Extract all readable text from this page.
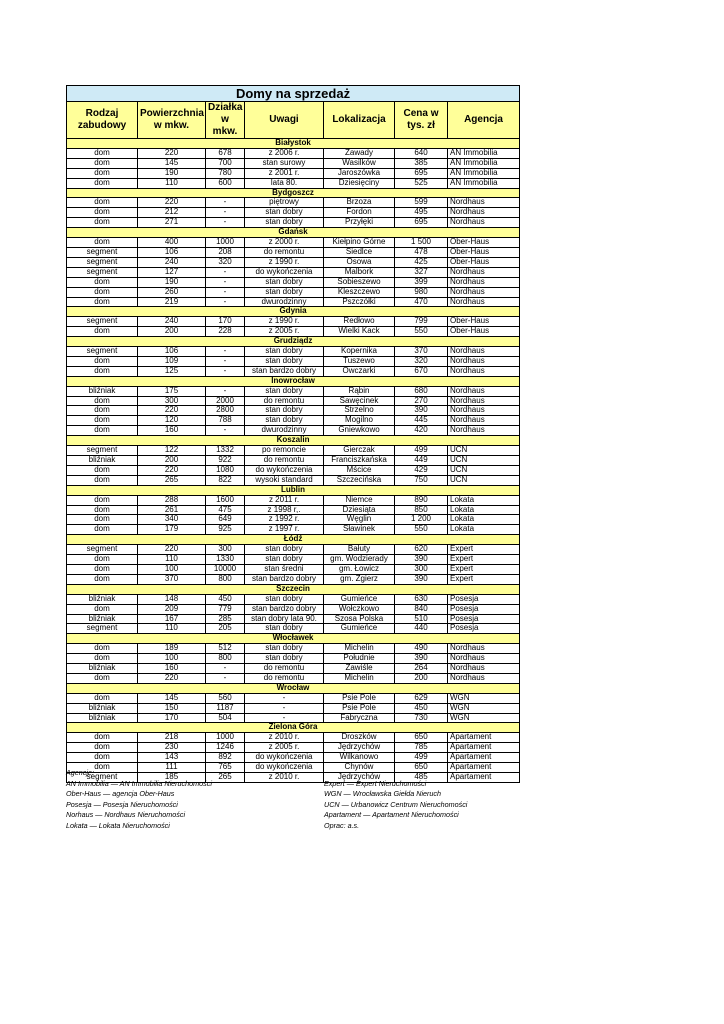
Domy na sprzedaż						
Rodzaj zabudowy	Powierzchnia w mkw.	Działka w mkw.	Uwagi	Lokalizacja	Cena w tys. zł	Agencja
Białystok						
dom	220	678	z 2006 r.	Zawady	640	AN Immobilia
dom	145	700	stan surowy	Wasilków	385	AN Immobilia
dom	190	780	z 2001 r.	Jaroszówka	695	AN Immobilia
dom	110	600	lata 80.	Dziesięciny	525	AN Immobilia
Bydgoszcz						
dom	220	-	piętrowy	Brzoza	599	Nordhaus
dom	212	-	stan dobry	Fordon	495	Nordhaus
dom	271	-	stan dobry	Przyłęki	695	Nordhaus
Gdańsk						
dom	400	1000	z 2000 r.	Kiełpino Górne	1 500	Ober-Haus
segment	106	208	do remontu	Siedlce	478	Ober-Haus
segment	240	320	z 1990 r.	Osowa	425	Ober-Haus
segment	127	-	do wykończenia	Malbork	327	Nordhaus
dom	190	-	stan dobry	Sobieszewo	399	Nordhaus
dom	260	-	stan dobry	Kleszczewo	980	Nordhaus
dom	219	-	dwurodzinny	Pszczółki	470	Nordhaus
Gdynia						
segment	240	170	z 1990 r.	Redłowo	799	Ober-Haus
dom	200	228	z 2005 r.	Wielki Kack	550	Ober-Haus
Grudziądz						
segment	106	-	stan dobry	Kopernika	370	Nordhaus
dom	109	-	stan dobry	Tuszewo	320	Nordhaus
dom	125	-	stan bardzo dobry	Owczarki	670	Nordhaus
Inowrocław						
bliźniak	175	-	stan dobry	Rąbin	680	Nordhaus
dom	300	2000	do remontu	Sawęcinek	270	Nordhaus
dom	220	2800	stan dobry	Strzelno	390	Nordhaus
dom	120	788	stan dobry	Mogilno	445	Nordhaus
dom	160	-	dwurodzinny	Gniewkowo	420	Nordhaus
Koszalin						
segment	122	1332	po remoncie	Gierczak	499	UCN
bliźniak	200	922	do remontu	Franciszkańska	449	UCN
dom	220	1080	do wykończenia	Mścice	429	UCN
dom	265	822	wysoki standard	Szczecińska	750	UCN
Lublin						
dom	288	1600	z 2011 r.	Niemce	890	Lokata
dom	261	475	z 1998 r,.	Dziesiąta	850	Lokata
dom	340	649	z 1992 r.	Węglin	1 200	Lokata
dom	179	925	z 1997 r.	Sławinek	550	Lokata
Łódź						
segment	220	300	stan dobry	Bałuty	620	Expert
dom	110	1330	stan dobry	gm. Wodzierady	390	Expert
dom	100	10000	stan średni	gm. Łowicz	300	Expert
dom	370	800	stan bardzo dobry	gm. Zgierz	390	Expert
Szczecin						
bliźniak	148	450	stan dobry	Gumieńce	630	Posesja
dom	209	779	stan bardzo dobry	Wołczkowo	840	Posesja
bliźniak	167	285	stan dobry lata 90.	Szosa Polska	510	Posesja
segment	110	205	stan dobry	Gumieńce	440	Posesja
Włocławek						
dom	189	512	stan dobry	Michelin	490	Nordhaus
dom	100	800	stan dobry	Południe	390	Nordhaus
bliźniak	160	-	do remontu	Zawiśle	264	Nordhaus
dom	220	-	do remontu	Michelin	200	Nordhaus
Wrocław						
dom	145	560	-	Psie Pole	629	WGN
bliźniak	150	1187	-	Psie Pole	450	WGN
bliźniak	170	504	-	Fabryczna	730	WGN
Zielona Góra						
dom	218	1000	z 2010 r.	Droszków	650	Apartament
dom	230	1246	z 2005 r.	Jędrzychów	785	Apartament
dom	143	892	do wykończenia	Wilkanowo	499	Apartament
dom	111	765	do wykończenia	Chynów	650	Apartament
segment	185	265	z 2010 r.	Jędrzychów	485	Apartament
Agencje:
AN Immobilia — AN Immobilia Nieruchomości
Ober-Haus — agencja Ober-Haus
Posesja — Posesja Nieruchomości
Norhaus — Nordhaus Nieruchomości
Lokata — Lokata Nieruchomości
Expert — Expert Nieruchomości
WGN — Wrocławska Giełda Nieruch
UCN — Urbanowicz Centrum Nieruchomości
Apartament — Apartament Nieruchomości
Oprac: a.s.
